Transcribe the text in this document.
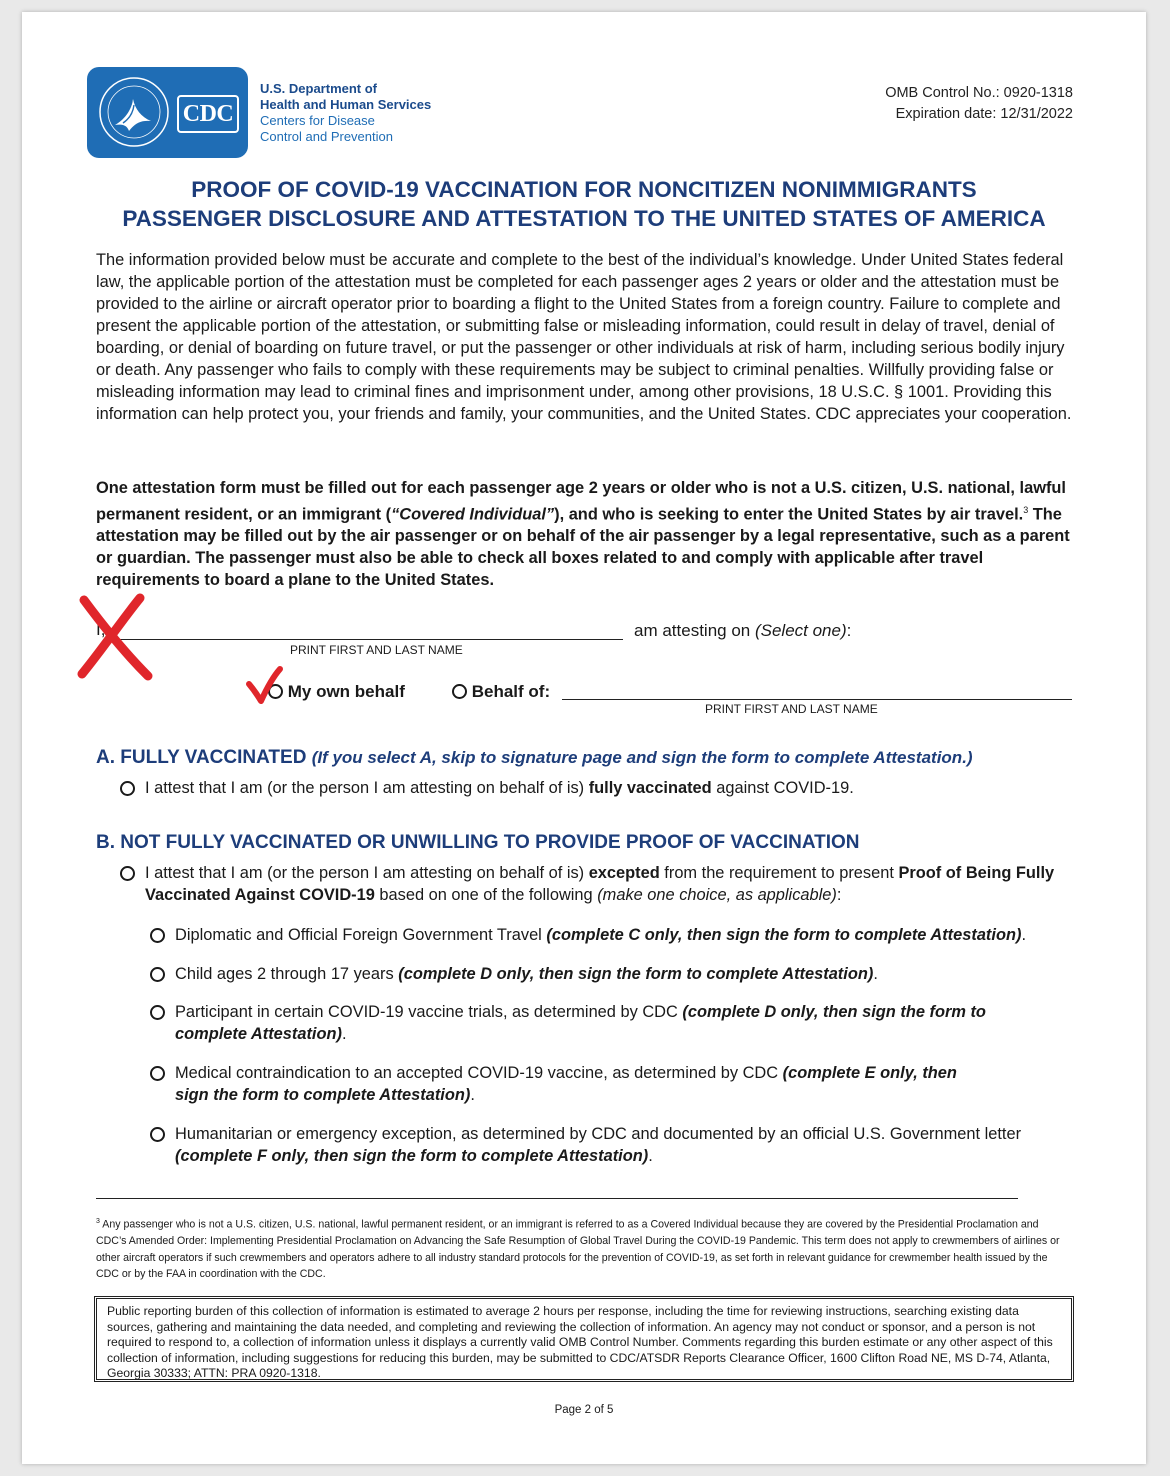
CDC
U.S. Department of
Health and Human Services
Centers for Disease
Control and Prevention
OMB Control No.: 0920-1318
Expiration date: 12/31/2022
PROOF OF COVID-19 VACCINATION FOR NONCITIZEN NONIMMIGRANTS
PASSENGER DISCLOSURE AND ATTESTATION TO THE UNITED STATES OF AMERICA
The information provided below must be accurate and complete to the best of the individual’s knowledge. Under United States federal law, the applicable portion of the attestation must be completed for each passenger ages 2 years or older and the attestation must be provided to the airline or aircraft operator prior to boarding a flight to the United States from a foreign country. Failure to complete and present the applicable portion of the attestation, or submitting false or misleading information, could result in delay of travel, denial of boarding, or denial of boarding on future travel, or put the passenger or other individuals at risk of harm, including serious bodily injury or death. Any passenger who fails to comply with these requirements may be subject to criminal penalties. Willfully providing false or misleading information may lead to criminal fines and imprisonment under, among other provisions, 18 U.S.C. § 1001. Providing this information can help protect you, your friends and family, your communities, and the United States. CDC appreciates your cooperation.
One attestation form must be filled out for each passenger age 2 years or older who is not a U.S. citizen, U.S. national, lawful permanent resident, or an immigrant (“Covered Individual”), and who is seeking to enter the United States by air travel.$^3$ The attestation may be filled out by the air passenger or on behalf of the air passenger by a legal representative, such as a parent or guardian. The passenger must also be able to check all boxes related to and comply with applicable after travel requirements to board a plane to the United States.
I,
PRINT FIRST AND LAST NAME
am attesting on (Select one):
My own behalf	Behalf of:
PRINT FIRST AND LAST NAME
A. FULLY VACCINATED (If you select A, skip to signature page and sign the form to complete Attestation.)
I attest that I am (or the person I am attesting on behalf of is) fully vaccinated against COVID-19.
B. NOT FULLY VACCINATED OR UNWILLING TO PROVIDE PROOF OF VACCINATION
I attest that I am (or the person I am attesting on behalf of is) excepted from the requirement to present Proof of Being Fully Vaccinated Against COVID-19 based on one of the following (make one choice, as applicable):
Diplomatic and Official Foreign Government Travel (complete C only, then sign the form to complete Attestation).
Child ages 2 through 17 years (complete D only, then sign the form to complete Attestation).
Participant in certain COVID-19 vaccine trials, as determined by CDC (complete D only, then sign the form to complete Attestation).
Medical contraindication to an accepted COVID-19 vaccine, as determined by CDC (complete E only, then sign the form to complete Attestation).
Humanitarian or emergency exception, as determined by CDC and documented by an official U.S. Government letter (complete F only, then sign the form to complete Attestation).
$^3$ Any passenger who is not a U.S. citizen, U.S. national, lawful permanent resident, or an immigrant is referred to as a Covered Individual because they are covered by the Presidential Proclamation and CDC’s Amended Order: Implementing Presidential Proclamation on Advancing the Safe Resumption of Global Travel During the COVID-19 Pandemic. This term does not apply to crewmembers of airlines or other aircraft operators if such crewmembers and operators adhere to all industry standard protocols for the prevention of COVID-19, as set forth in relevant guidance for crewmember health issued by the CDC or by the FAA in coordination with the CDC.
Public reporting burden of this collection of information is estimated to average 2 hours per response, including the time for reviewing instructions, searching existing data sources, gathering and maintaining the data needed, and completing and reviewing the collection of information. An agency may not conduct or sponsor, and a person is not required to respond to, a collection of information unless it displays a currently valid OMB Control Number. Comments regarding this burden estimate or any other aspect of this collection of information, including suggestions for reducing this burden, may be submitted to CDC/ATSDR Reports Clearance Officer, 1600 Clifton Road NE, MS D-74, Atlanta, Georgia 30333; ATTN: PRA 0920-1318.
Page 2 of 5
